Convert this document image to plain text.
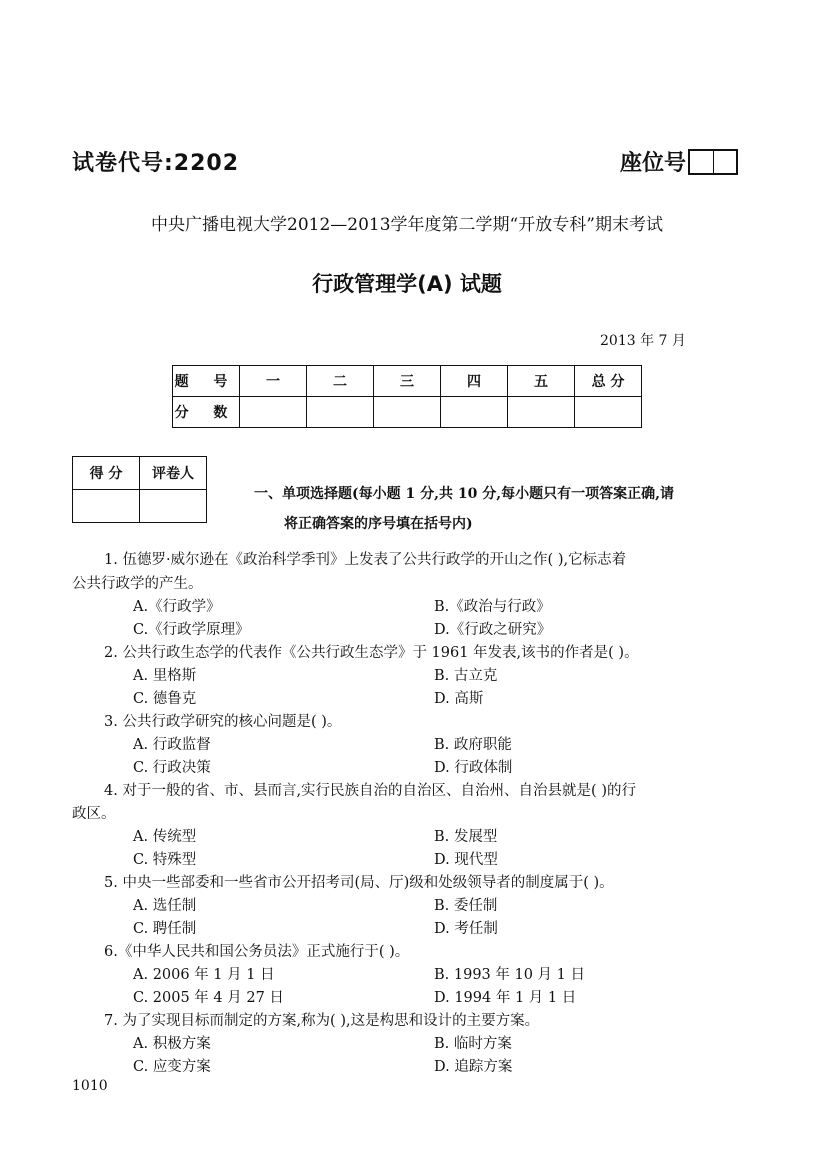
试卷代号:2202	座位号
中央广播电视大学2012—2013学年度第二学期“开放专科”期末考试
行政管理学(A) 试题
2013 年 7 月
题 号	一	二	三	四	五	总 分
分 数						
得 分	评卷人

一、单项选择题(每小题 1 分,共 10 分,每小题只有一项答案正确,请
将正确答案的序号填在括号内)
1. 伍德罗·威尔逊在《政治科学季刊》上发表了公共行政学的开山之作( ),它标志着
公共行政学的产生。
A.《行政学》	B.《政治与行政》
C.《行政学原理》	D.《行政之研究》
2. 公共行政生态学的代表作《公共行政生态学》于 1961 年发表,该书的作者是( )。
A. 里格斯	B. 古立克
C. 德鲁克	D. 高斯
3. 公共行政学研究的核心问题是( )。
A. 行政监督	B. 政府职能
C. 行政决策	D. 行政体制
4. 对于一般的省、市、县而言,实行民族自治的自治区、自治州、自治县就是( )的行
政区。
A. 传统型	B. 发展型
C. 特殊型	D. 现代型
5. 中央一些部委和一些省市公开招考司(局、厅)级和处级领导者的制度属于( )。
A. 选任制	B. 委任制
C. 聘任制	D. 考任制
6.《中华人民共和国公务员法》正式施行于( )。
A. 2006 年 1 月 1 日	B. 1993 年 10 月 1 日
C. 2005 年 4 月 27 日	D. 1994 年 1 月 1 日
7. 为了实现目标而制定的方案,称为( ),这是构思和设计的主要方案。
A. 积极方案	B. 临时方案
C. 应变方案	D. 追踪方案
1010
